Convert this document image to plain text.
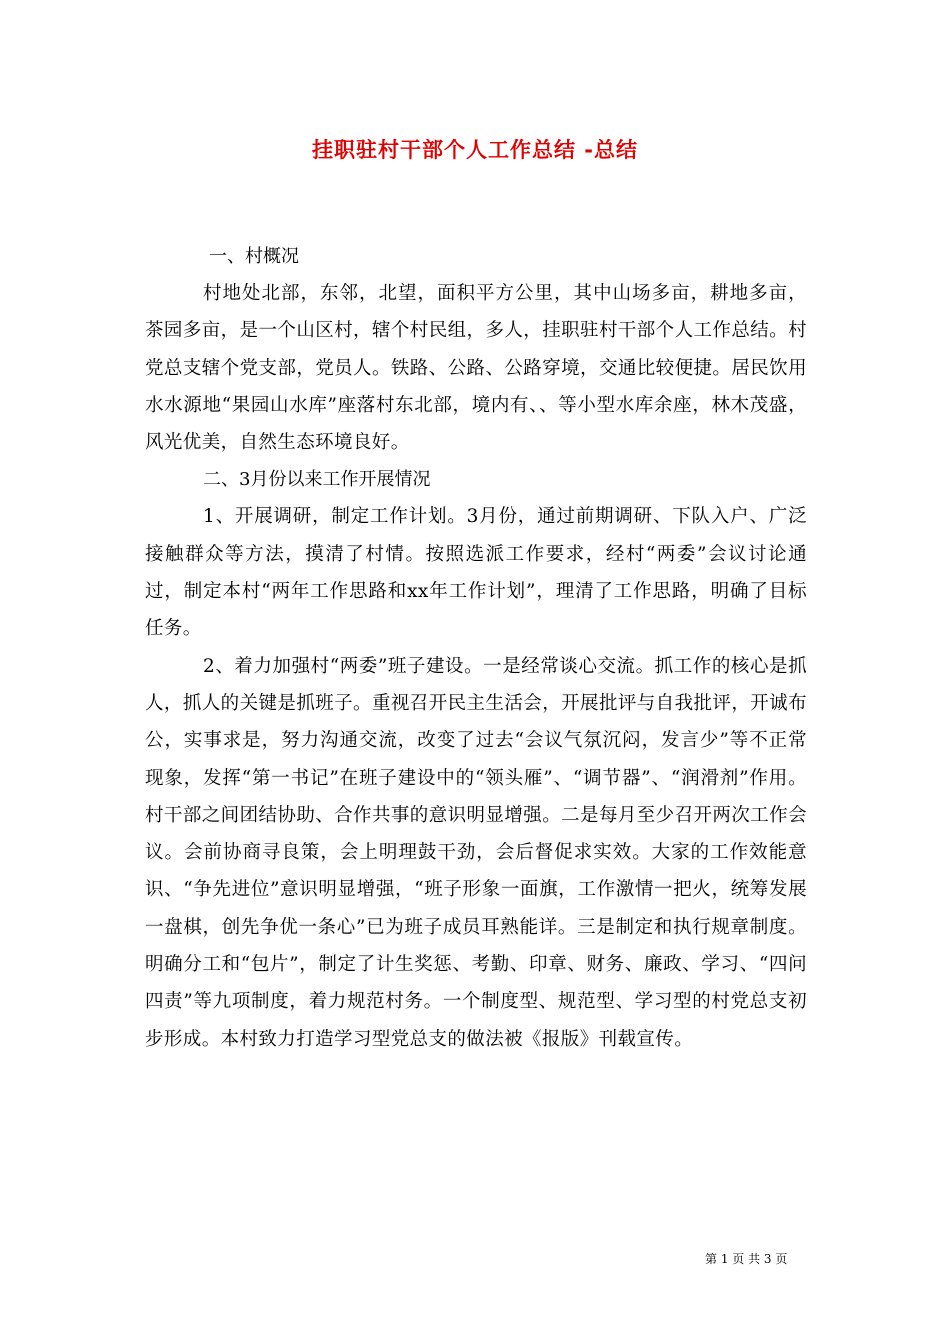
挂职驻村干部个人工作总结 -总结

一、村概况

村地处北部，东邻，北望，面积平方公里，其中山场多亩，耕地多亩，茶园多亩，是一个山区村，辖个村民组，多人，挂职驻村干部个人工作总结。村党总支辖个党支部，党员人。铁路、公路、公路穿境，交通比较便捷。居民饮用水水源地“果园山水库”座落村东北部，境内有、、等小型水库余座，林木茂盛，风光优美，自然生态环境良好。

二、3月份以来工作开展情况

1、开展调研，制定工作计划。3月份，通过前期调研、下队入户、广泛接触群众等方法，摸清了村情。按照选派工作要求，经村“两委”会议讨论通过，制定本村“两年工作思路和xx年工作计划”，理清了工作思路，明确了目标任务。

2、着力加强村“两委”班子建设。一是经常谈心交流。抓工作的核心是抓人，抓人的关键是抓班子。重视召开民主生活会，开展批评与自我批评，开诚布公，实事求是，努力沟通交流，改变了过去“会议气氛沉闷，发言少”等不正常现象，发挥“第一书记”在班子建设中的“领头雁”、“调节器”、“润滑剂”作用。村干部之间团结协助、合作共事的意识明显增强。二是每月至少召开两次工作会议。会前协商寻良策，会上明理鼓干劲，会后督促求实效。大家的工作效能意识、“争先进位”意识明显增强，“班子形象一面旗，工作激情一把火，统筹发展一盘棋，创先争优一条心”已为班子成员耳熟能详。三是制定和执行规章制度。明确分工和“包片”，制定了计生奖惩、考勤、印章、财务、廉政、学习、“四问四责”等九项制度，着力规范村务。一个制度型、规范型、学习型的村党总支初步形成。本村致力打造学习型党总支的做法被《报版》刊载宣传。

第 1 页 共 3 页
